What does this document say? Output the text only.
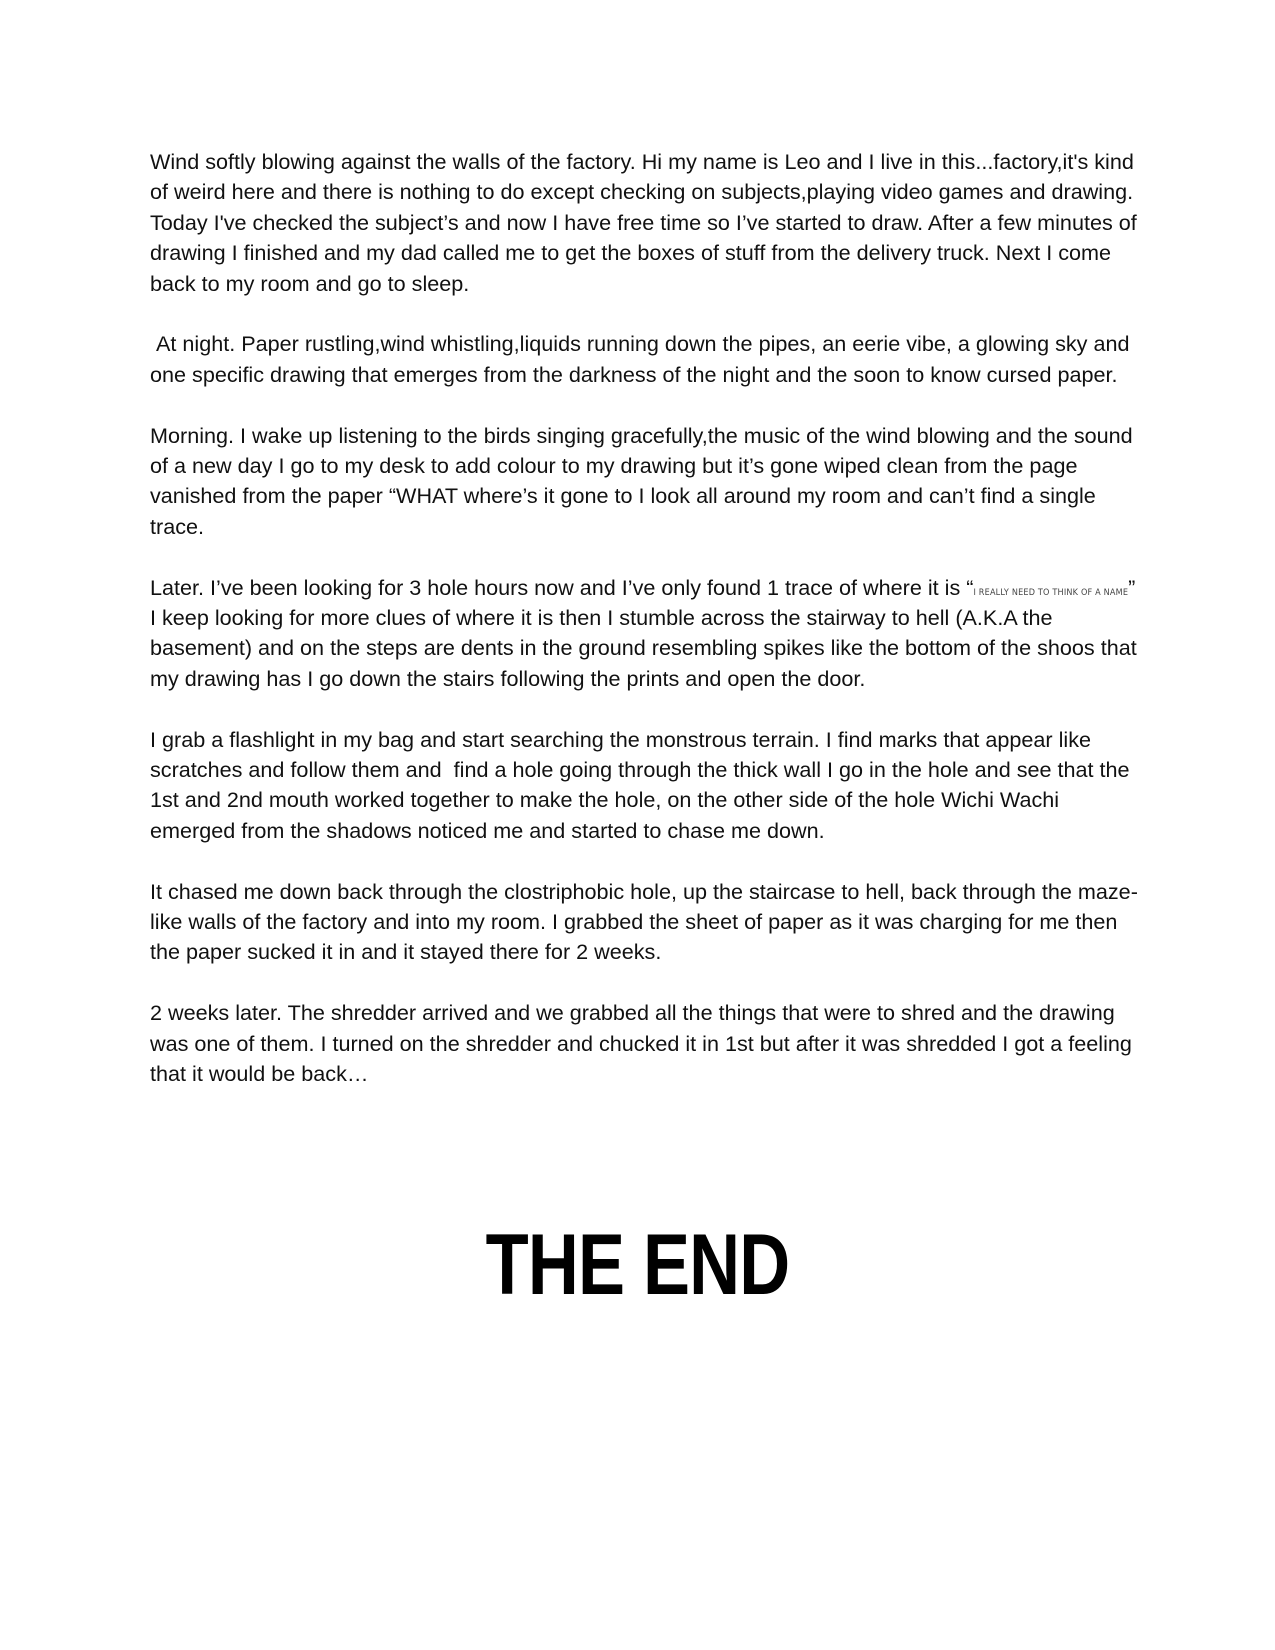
Wind softly blowing against the walls of the factory. Hi my name is Leo and I live in this...factory,it's kind of weird here and there is nothing to do except checking on subjects,playing video games and drawing. Today I've checked the subject’s and now I have free time so I’ve started to draw. After a few minutes of drawing I finished and my dad called me to get the boxes of stuff from the delivery truck. Next I come back to my room and go to sleep.

At night. Paper rustling,wind whistling,liquids running down the pipes, an eerie vibe, a glowing sky and one specific drawing that emerges from the darkness of the night and the soon to know cursed paper.

Morning. I wake up listening to the birds singing gracefully,the music of the wind blowing and the sound of a new day I go to my desk to add colour to my drawing but it’s gone wiped clean from the page vanished from the paper “WHAT where’s it gone to I look all around my room and can’t find a single trace.

Later. I’ve been looking for 3 hole hours now and I’ve only found 1 trace of where it is “I REALLY NEED TO THINK OF A NAME” I keep looking for more clues of where it is then I stumble across the stairway to hell (A.K.A the basement) and on the steps are dents in the ground resembling spikes like the bottom of the shoos that my drawing has I go down the stairs following the prints and open the door.

I grab a flashlight in my bag and start searching the monstrous terrain. I find marks that appear like scratches and follow them and  find a hole going through the thick wall I go in the hole and see that the 1st and 2nd mouth worked together to make the hole, on the other side of the hole Wichi Wachi emerged from the shadows noticed me and started to chase me down.

It chased me down back through the clostriphobic hole, up the staircase to hell, back through the maze-like walls of the factory and into my room. I grabbed the sheet of paper as it was charging for me then the paper sucked it in and it stayed there for 2 weeks.

2 weeks later. The shredder arrived and we grabbed all the things that were to shred and the drawing was one of them. I turned on the shredder and chucked it in 1st but after it was shredded I got a feeling that it would be back…

THE END
